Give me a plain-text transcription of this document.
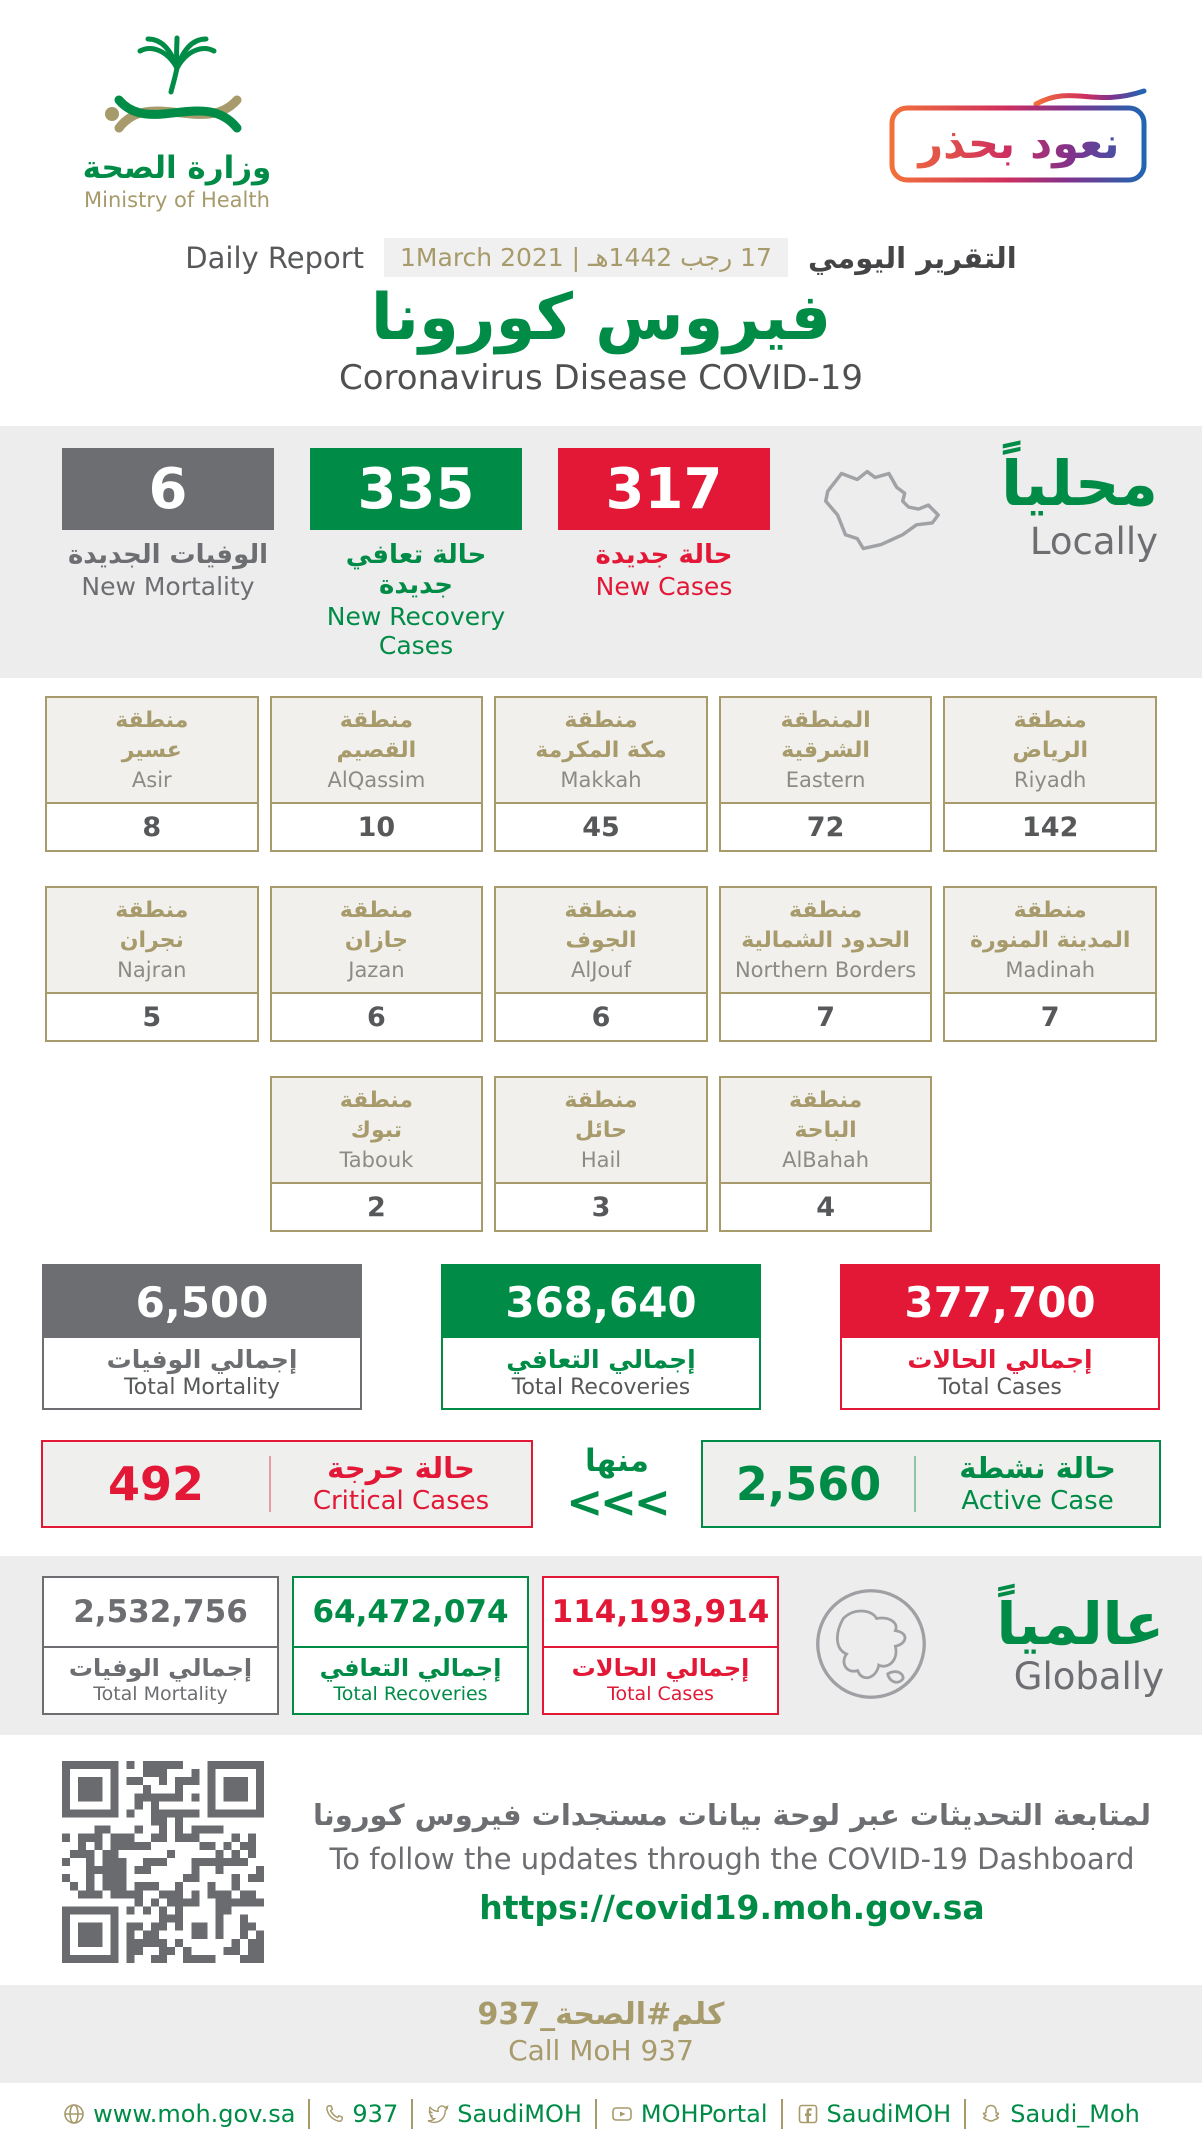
وزارة الصحة
Ministry of Health
نعود بحذر
Daily Report	17 رجب 1442هـ | 1March 2021	التقرير اليومي
فيروس كورونا
Coronavirus Disease COVID-19
6
الوفيات الجديدة
New Mortality
335
حالة تعافي جديدة
New Recovery Cases
317
حالة جديدة
New Cases
محلياً
Locally
منطقة
عسير
Asir
8
منطقة
القصيم
AlQassim
10
منطقة
مكة المكرمة
Makkah
45
المنطقة
الشرقية
Eastern
72
منطقة
الرياض
Riyadh
142
منطقة
نجران
Najran
5
منطقة
جازان
Jazan
6
منطقة
الجوف
AlJouf
6
منطقة
الحدود الشمالية
Northern Borders
7
منطقة
المدينة المنورة
Madinah
7
منطقة
تبوك
Tabouk
2
منطقة
حائل
Hail
3
منطقة
الباحة
AlBahah
4
6,500
إجمالي الوفيات
Total Mortality
368,640
إجمالي التعافي
Total Recoveries
377,700
إجمالي الحالات
Total Cases
492	حالة حرجة
Critical Cases
منها
<<<	2,560	حالة نشطة
Active Case
2,532,756
إجمالي الوفيات
Total Mortality
64,472,074
إجمالي التعافي
Total Recoveries
114,193,914
إجمالي الحالات
Total Cases
عالمياً
Globally
لمتابعة التحديثات عبر لوحة بيانات مستجدات فيروس كورونا
To follow the updates through the COVID-19 Dashboard
https://covid19.moh.gov.sa
كلم#الصحة_937
Call MoH 937
www.moh.gov.sa 937 SaudiMOH MOHPortal SaudiMOH Saudi_Moh
